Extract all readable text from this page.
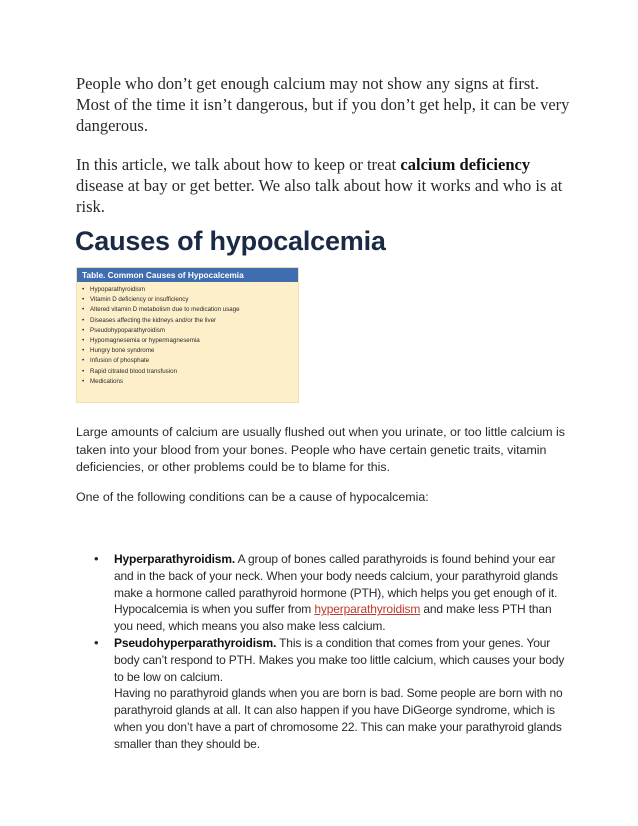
People who don’t get enough calcium may not show any signs at first. Most of the time it isn’t dangerous, but if you don’t get help, it can be very dangerous.

In this article, we talk about how to keep or treat calcium deficiency disease at bay or get better. We also talk about how it works and who is at risk.

Causes of hypocalcemia
Table. Common Causes of Hypocalcemia
• Hypoparathyroidism
• Vitamin D deficiency or insufficiency
• Altered vitamin D metabolism due to medication usage
• Diseases affecting the kidneys and/or the liver
• Pseudohypoparathyroidism
• Hypomagnesemia or hypermagnesemia
• Hungry bone syndrome
• Infusion of phosphate
• Rapid citrated blood transfusion
• Medications

Large amounts of calcium are usually flushed out when you urinate, or too little calcium is taken into your blood from your bones. People who have certain genetic traits, vitamin deficiencies, or other problems could be to blame for this.

One of the following conditions can be a cause of hypocalcemia:

• Hyperparathyroidism. A group of bones called parathyroids is found behind your ear and in the back of your neck. When your body needs calcium, your parathyroid glands make a hormone called parathyroid hormone (PTH), which helps you get enough of it. Hypocalcemia is when you suffer from hyperparathyroidism and make less PTH than you need, which means you also make less calcium.
• Pseudohyperparathyroidism. This is a condition that comes from your genes. Your body can’t respond to PTH. Makes you make too little calcium, which causes your body to be low on calcium.
Having no parathyroid glands when you are born is bad. Some people are born with no parathyroid glands at all. It can also happen if you have DiGeorge syndrome, which is when you don’t have a part of chromosome 22. This can make your parathyroid glands smaller than they should be.
